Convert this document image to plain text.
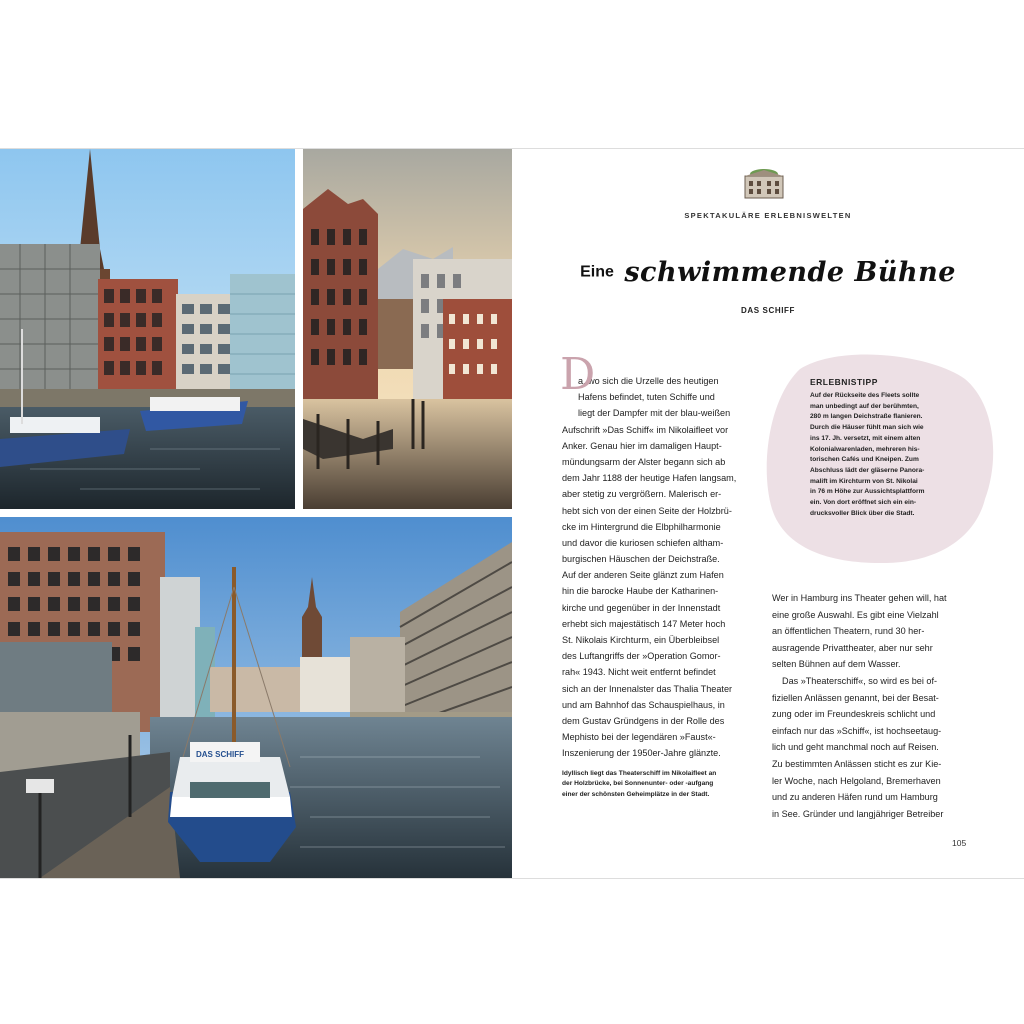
DAS SCHIFF
SPEKTAKULÄRE ERLEBNISWELTEN
Eine schwimmende Bühne
DAS SCHIFF
D
a, wo sich die Urzelle des heutigen
Hafens befindet, tuten Schiffe und
liegt der Dampfer mit der blau-weißen
Aufschrift »Das Schiff« im Nikolaifleet vor
Anker. Genau hier im damaligen Haupt-
mündungsarm der Alster begann sich ab
dem Jahr 1188 der heutige Hafen langsam,
aber stetig zu vergrößern. Malerisch er-
hebt sich von der einen Seite der Holzbrü-
cke im Hintergrund die Elbphilharmonie
und davor die kuriosen schiefen altham-
burgischen Häuschen der Deichstraße.
Auf der anderen Seite glänzt zum Hafen
hin die barocke Haube der Katharinen-
kirche und gegenüber in der Innenstadt
erhebt sich majestätisch 147 Meter hoch
St. Nikolais Kirchturm, ein Überbleibsel
des Luftangriffs der »Operation Gomor-
rah« 1943. Nicht weit entfernt befindet
sich an der Innenalster das Thalia Theater
und am Bahnhof das Schauspielhaus, in
dem Gustav Gründgens in der Rolle des
Mephisto bei der legendären »Faust«-
Inszenierung der 1950er-Jahre glänzte.
Idyllisch liegt das Theaterschiff im Nikolaifleet an
der Holzbrücke, bei Sonnenunter- oder -aufgang
einer der schönsten Geheimplätze in der Stadt.
ERLEBNISTIPP
Auf der Rückseite des Fleets sollte
man unbedingt auf der berühmten,
280 m langen Deichstraße flanieren.
Durch die Häuser fühlt man sich wie
ins 17. Jh. versetzt, mit einem alten
Kolonialwarenladen, mehreren his-
torischen Cafés und Kneipen. Zum
Abschluss lädt der gläserne Panora-
malift im Kirchturm von St. Nikolai
in 76 m Höhe zur Aussichtsplattform
ein. Von dort eröffnet sich ein ein-
drucksvoller Blick über die Stadt.
Wer in Hamburg ins Theater gehen will, hat
eine große Auswahl. Es gibt eine Vielzahl
an öffentlichen Theatern, rund 30 her-
ausragende Privattheater, aber nur sehr
selten Bühnen auf dem Wasser.
Das »Theaterschiff«, so wird es bei of-
fiziellen Anlässen genannt, bei der Besat-
zung oder im Freundeskreis schlicht und
einfach nur das »Schiff«, ist hochseetaug-
lich und geht manchmal noch auf Reisen.
Zu bestimmten Anlässen sticht es zur Kie-
ler Woche, nach Helgoland, Bremerhaven
und zu anderen Häfen rund um Hamburg
in See. Gründer und langjähriger Betreiber
105
